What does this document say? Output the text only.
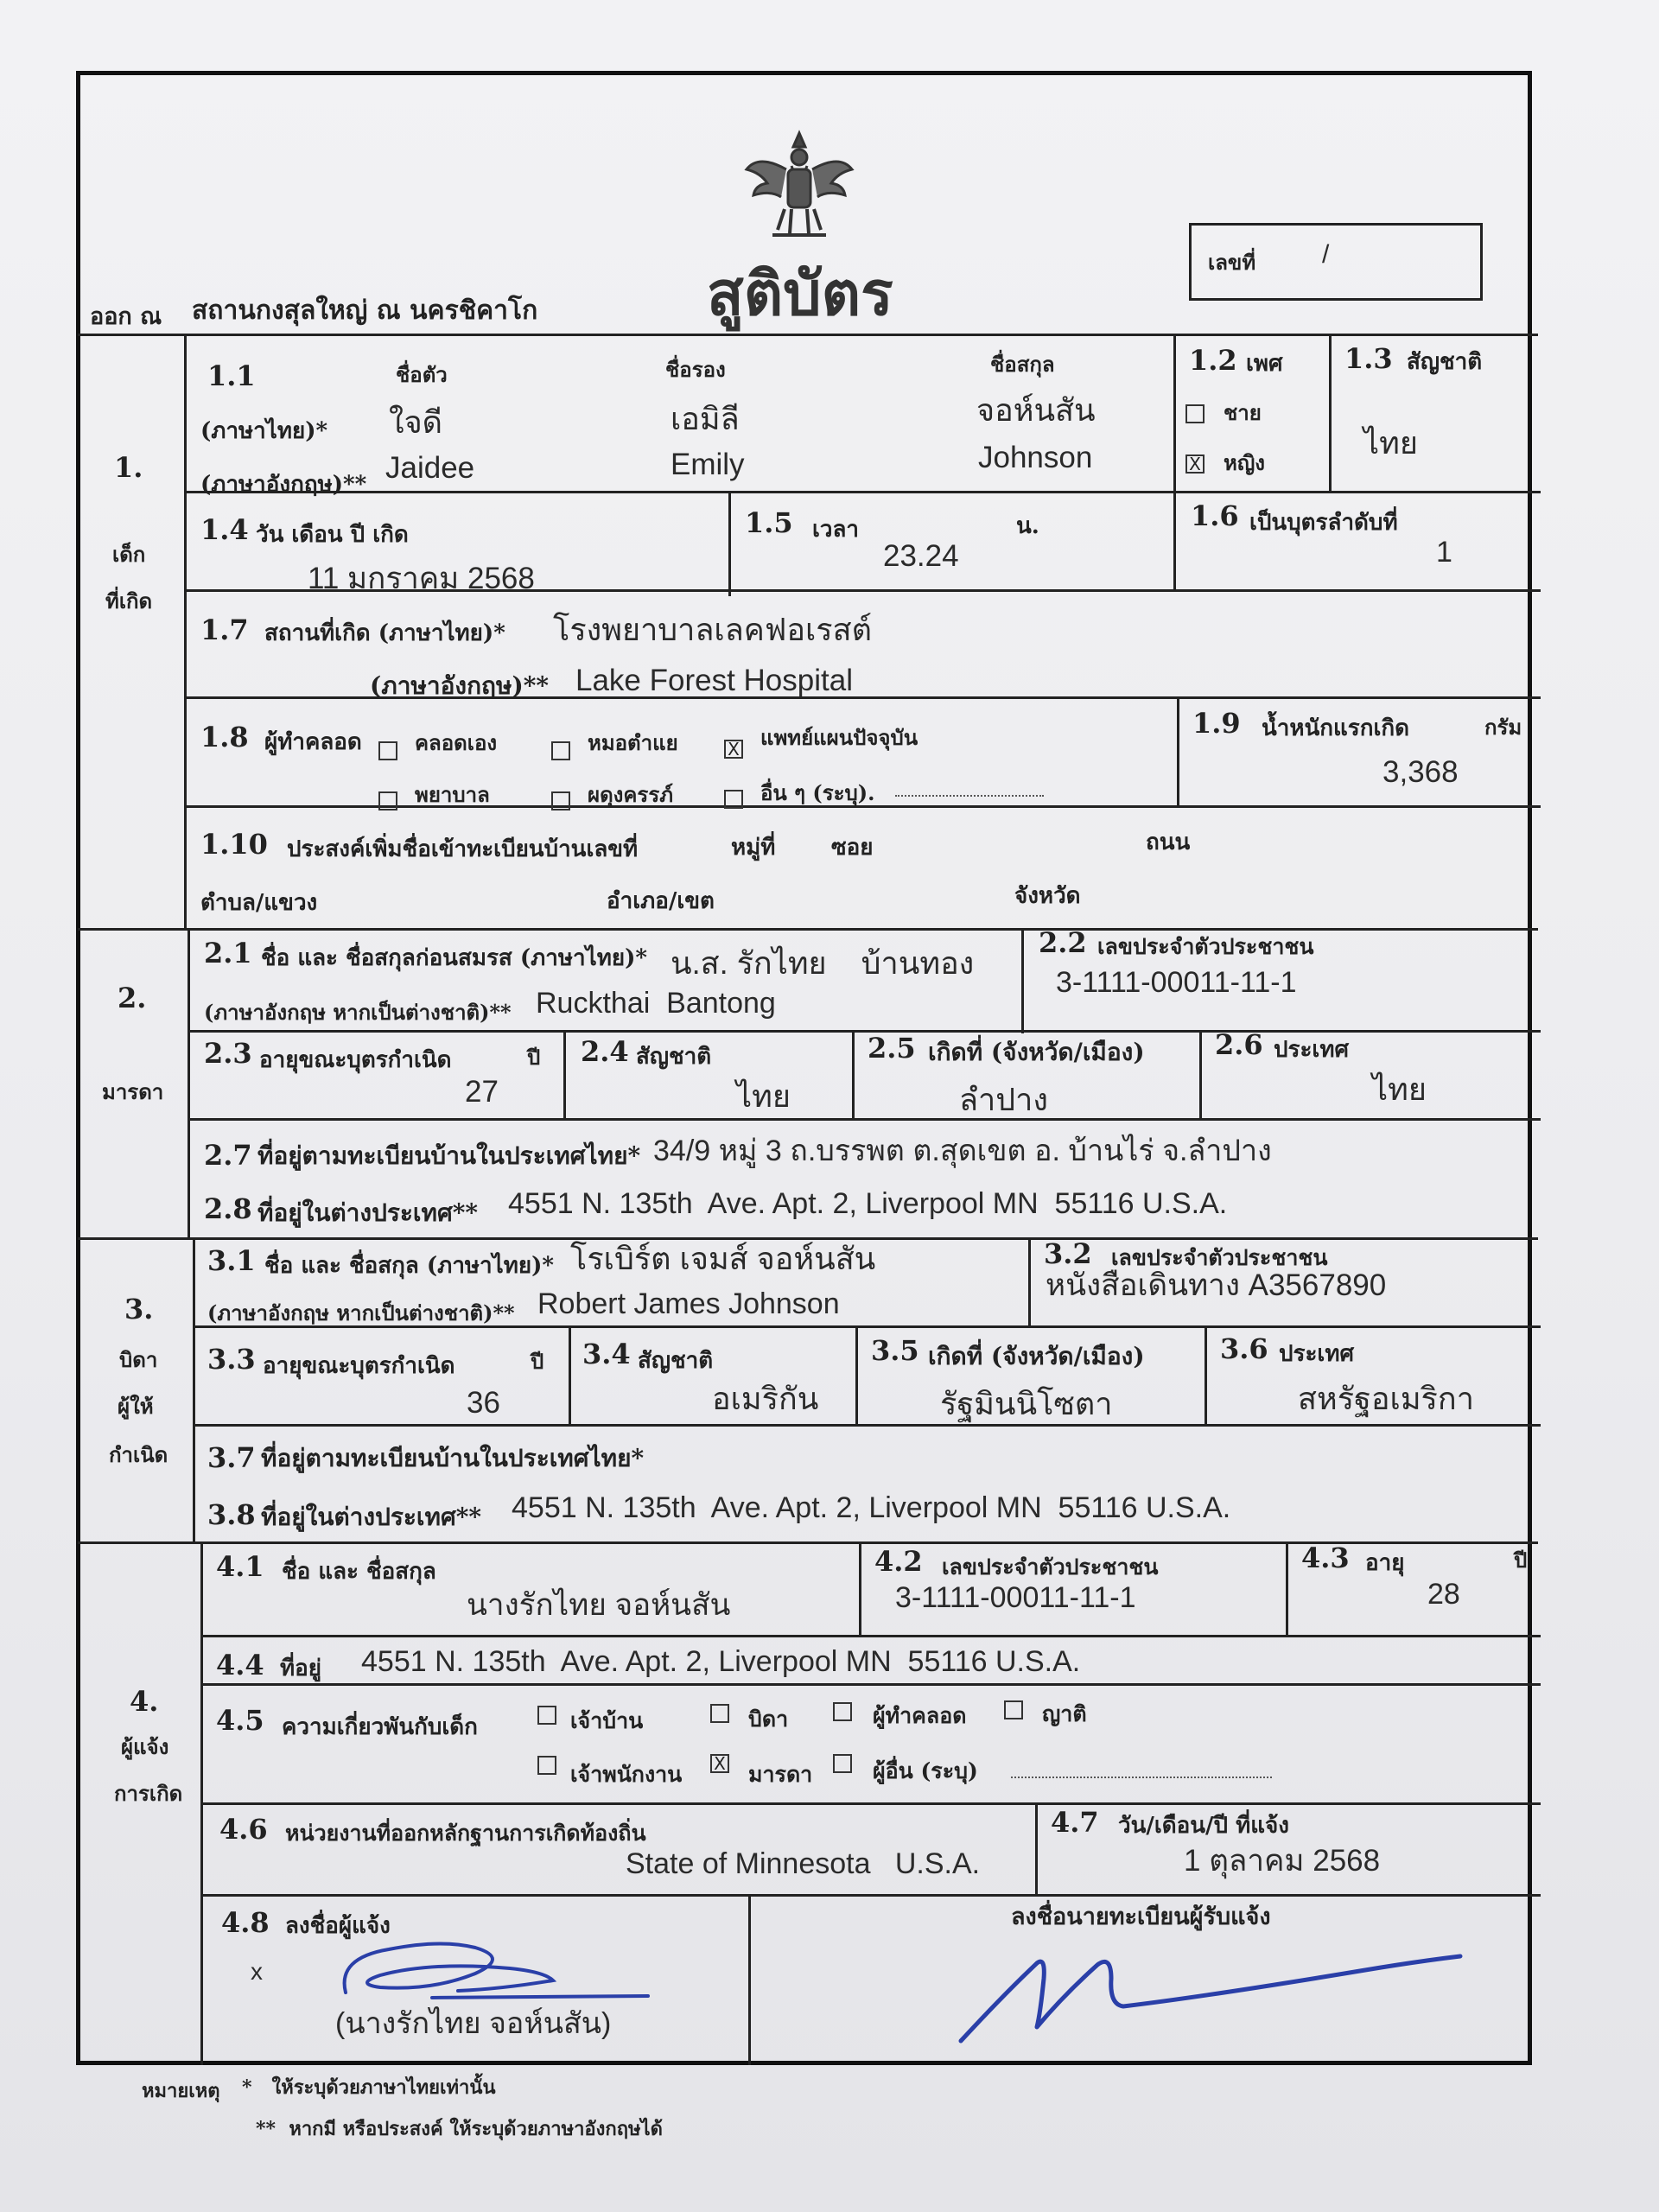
สูติบัตร
ออก ณ สถานกงสุลใหญ่ ณ นครชิคาโก
เลขที่	/
1.
เด็ก
ที่เกิด
1.1	ชื่อตัว	ชื่อรอง	ชื่อสกุล
(ภาษาไทย)*
(ภาษาอังกฤษ)**
ใจดี	เอมิลี	จอห์นสัน
Jaidee	Emily	Johnson
1.2 เพศ
ชาย
X หญิง
1.3 สัญชาติ
ไทย
1.4 วัน เดือน ปี เกิด
11 มกราคม 2568
1.5 เวลา	น.
23.24
1.6 เป็นบุตรลำดับที่
1
1.7 สถานที่เกิด (ภาษาไทย)* โรงพยาบาลเลคฟอเรสต์
(ภาษาอังกฤษ)** Lake Forest Hospital
1.8 ผู้ทำคลอด	คลอดเอง	หมอตำแย	X แพทย์แผนปัจจุบัน
พยาบาล	ผดุงครรภ์	อื่น ๆ (ระบุ).
1.9 น้ำหนักแรกเกิด	กรัม
3,368
1.10 ประสงค์เพิ่มชื่อเข้าทะเบียนบ้านเลขที่	หมู่ที่ ซอย	ถนน
ตำบล/แขวง	อำเภอ/เขต	จังหวัด
2.
มารดา
2.1 ชื่อ และ ชื่อสกุลก่อนสมรส (ภาษาไทย)* น.ส. รักไทย    บ้านทอง
(ภาษาอังกฤษ หากเป็นต่างชาติ)** Ruckthai  Bantong
2.2 เลขประจำตัวประชาชน
3-1111-00011-11-1
2.3 อายุขณะบุตรกำเนิด	ปี
27
2.4 สัญชาติ
ไทย
2.5 เกิดที่ (จังหวัด/เมือง)
ลำปาง
2.6 ประเทศ
ไทย
2.7 ที่อยู่ตามทะเบียนบ้านในประเทศไทย* 34/9 หมู่ 3 ถ.บรรพต ต.สุดเขต อ. บ้านไร่ จ.ลำปาง
2.8 ที่อยู่ในต่างประเทศ** 4551 N. 135th  Ave. Apt. 2, Liverpool MN  55116 U.S.A.
3.
บิดา
ผู้ให้
กำเนิด
3.1 ชื่อ และ ชื่อสกุล (ภาษาไทย)* โรเบิร์ต เจมส์ จอห์นสัน
(ภาษาอังกฤษ หากเป็นต่างชาติ)** Robert James Johnson
3.2 เลขประจำตัวประชาชน
หนังสือเดินทาง A3567890
3.3 อายุขณะบุตรกำเนิด	ปี
36
3.4 สัญชาติ
อเมริกัน
3.5 เกิดที่ (จังหวัด/เมือง)
รัฐมินนิโซตา
3.6 ประเทศ
สหรัฐอเมริกา
3.7 ที่อยู่ตามทะเบียนบ้านในประเทศไทย*
3.8 ที่อยู่ในต่างประเทศ** 4551 N. 135th  Ave. Apt. 2, Liverpool MN  55116 U.S.A.
4.
ผู้แจ้ง
การเกิด
4.1 ชื่อ และ ชื่อสกุล
นางรักไทย จอห์นสัน
4.2 เลขประจำตัวประชาชน
3-1111-00011-11-1
4.3 อายุ	ปี
28
4.4 ที่อยู่ 4551 N. 135th  Ave. Apt. 2, Liverpool MN  55116 U.S.A.
4.5 ความเกี่ยวพันกับเด็ก	เจ้าบ้าน	บิดา	ผู้ทำคลอด	ญาติ
เจ้าพนักงาน X มารดา	ผู้อื่น (ระบุ)
4.6 หน่วยงานที่ออกหลักฐานการเกิดท้องถิ่น
State of Minnesota   U.S.A.
4.7 วัน/เดือน/ปี ที่แจ้ง
1 ตุลาคม 2568
4.8 ลงชื่อผู้แจ้ง
x
(นางรักไทย จอห์นสัน)
ลงชื่อนายทะเบียนผู้รับแจ้ง
หมายเหตุ *   ให้ระบุด้วยภาษาไทยเท่านั้น
**  หากมี หรือประสงค์ ให้ระบุด้วยภาษาอังกฤษได้
